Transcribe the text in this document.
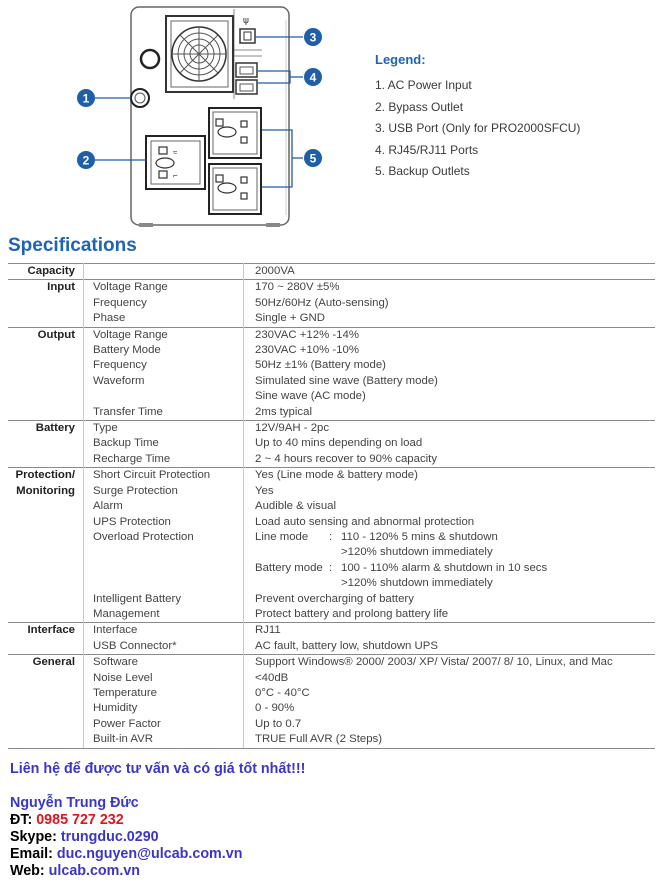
ψ
≈
⌐
1
2
3
4
5
Legend:
1. AC Power Input
2. Bypass Outlet
3. USB Port (Only for PRO2000SFCU)
4. RJ45/RJ11 Ports
5. Backup Outlets
Specifications
Capacity		2000VA
Input	Voltage Range	170 ~ 280V ±5%
	Frequency	50Hz/60Hz (Auto-sensing)
	Phase	Single + GND
Output	Voltage Range	230VAC +12% -14%
	Battery Mode	230VAC +10% -10%
	Frequency	50Hz ±1% (Battery mode)
	Waveform	Simulated sine wave (Battery mode)
		Sine wave (AC mode)
	Transfer Time	2ms typical
Battery	Type	12V/9AH - 2pc
	Backup Time	Up to 40 mins depending on load
	Recharge Time	2 ~ 4 hours recover to 90% capacity
Protection/	Short Circuit Protection	Yes (Line mode & battery mode)
Monitoring	Surge Protection	Yes
	Alarm	Audible & visual
	UPS Protection	Load auto sensing and abnormal protection
	Overload Protection	Line mode : 110 - 120% 5 mins & shutdown
		>120% shutdown immediately
		Battery mode : 100 - 110% alarm & shutdown in 10 secs
		>120% shutdown immediately
	Intelligent Battery	Prevent overcharging of battery
	Management	Protect battery and prolong battery life
Interface	Interface	RJ11
	USB Connector*	AC fault, battery low, shutdown UPS
General	Software	Support Windows® 2000/ 2003/ XP/ Vista/ 2007/ 8/ 10, Linux, and Mac
	Noise Level	<40dB
	Temperature	0°C - 40°C
	Humidity	0 - 90%
	Power Factor	Up to 0.7
	Built-in AVR	TRUE Full AVR (2 Steps)
Liên hệ để được tư vấn và có giá tốt nhất!!!
Nguyễn Trung Đức
ĐT: 0985 727 232
Skype: trungduc.0290
Email: duc.nguyen@ulcab.com.vn
Web: ulcab.com.vn
